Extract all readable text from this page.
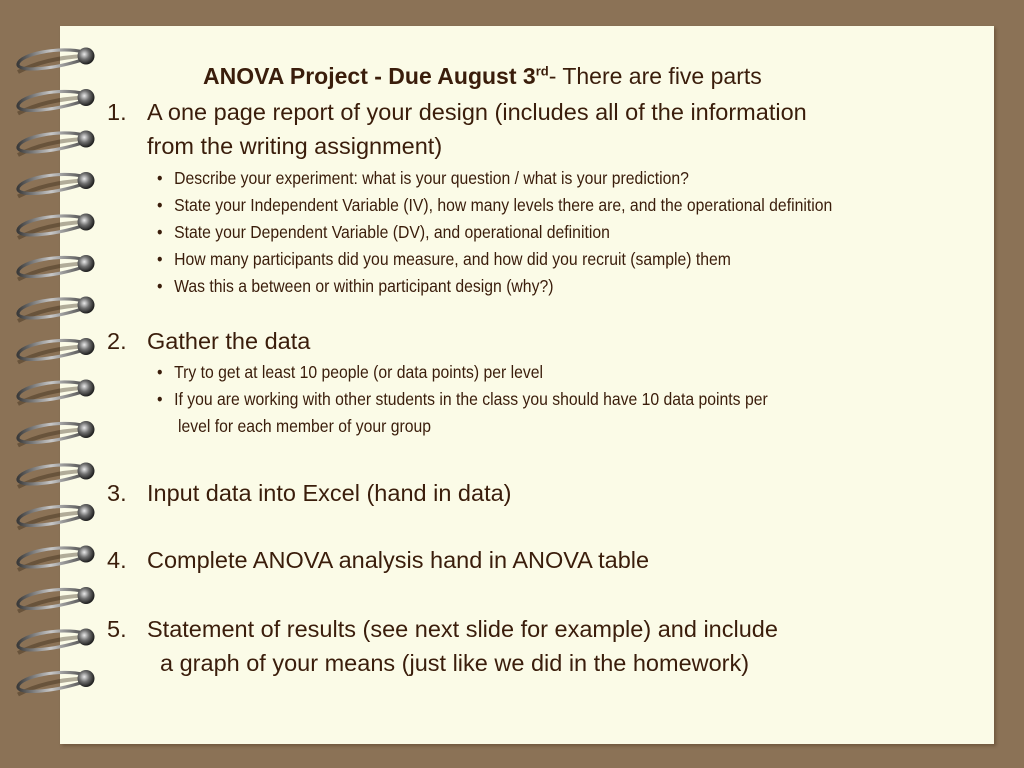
ANOVA Project - Due August 3rd- There are five parts
1. A one page report of your design (includes all of the information
from the writing assignment)
• Describe your experiment: what is your question / what is your prediction?
• State your Independent Variable (IV), how many levels there are, and the operational definition
• State your Dependent Variable (DV), and operational definition
• How many participants did you measure, and how did you recruit (sample) them
• Was this a between or within participant design (why?)
2. Gather the data
• Try to get at least 10 people (or data points) per level
• If you are working with other students in the class you should have 10 data points per
level for each member of your group
3. Input data into Excel (hand in data)
4. Complete ANOVA analysis hand in ANOVA table
5. Statement of results (see next slide for example) and include
a graph of your means (just like we did in the homework)
